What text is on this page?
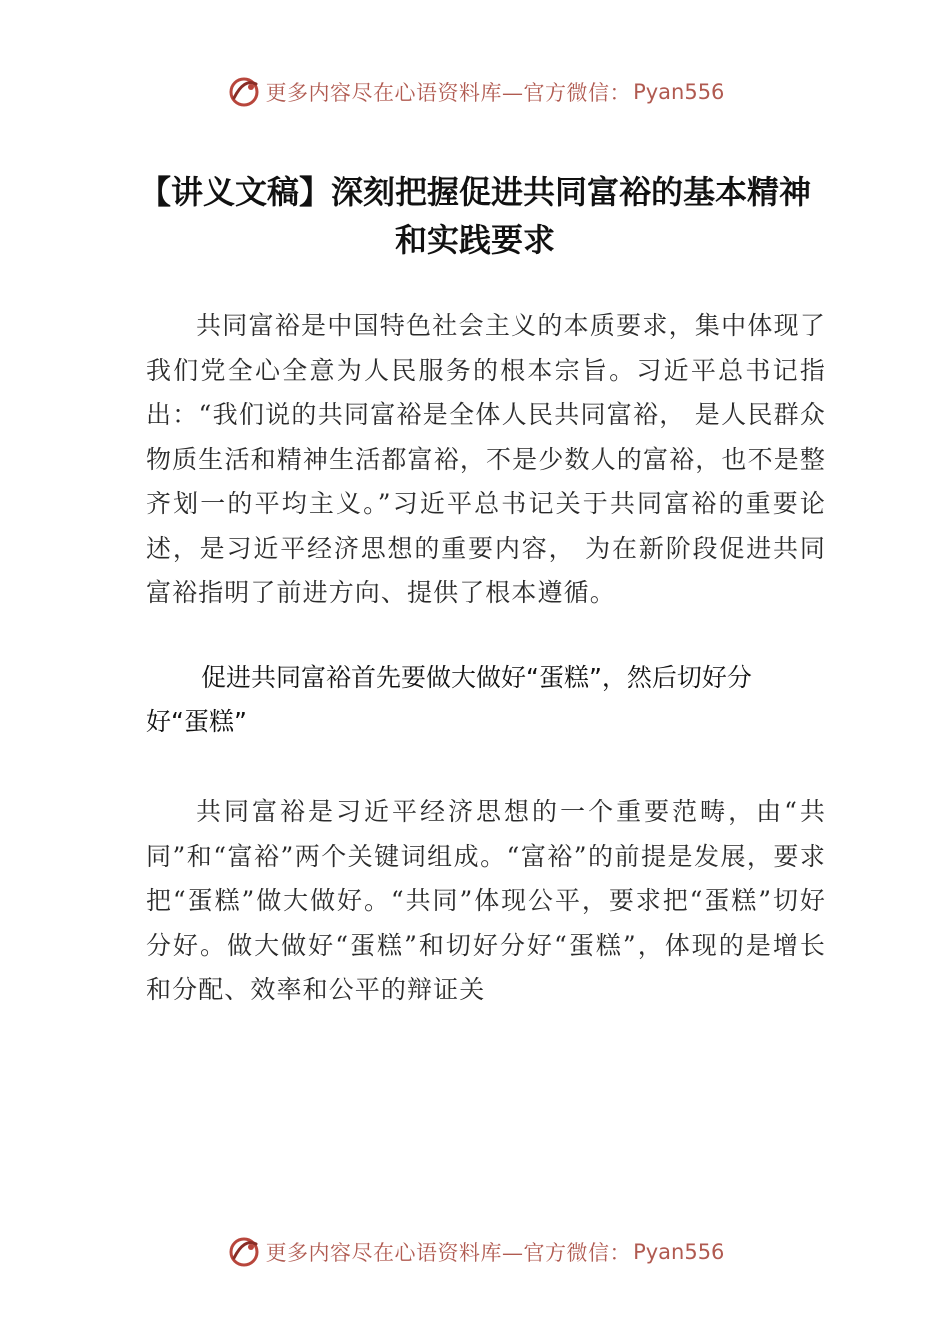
更多内容尽在心语资料库—官方微信： Pyan556
【讲义文稿】深刻把握促进共同富裕的基本精神和实践要求
共同富裕是中国特色社会主义的本质要求，集中体现了我们党全心全意为人民服务的根本宗旨。习近平总书记指出：“我们说的共同富裕是全体人民共同富裕， 是人民群众物质生活和精神生活都富裕，不是少数人的富裕，也不是整齐划一的平均主义。”习近平总书记关于共同富裕的重要论述，是习近平经济思想的重要内容， 为在新阶段促进共同富裕指明了前进方向、提供了根本遵循。
促进共同富裕首先要做大做好“蛋糕”，然后切好分好“蛋糕”
共同富裕是习近平经济思想的一个重要范畴，由“共同”和“富裕”两个关键词组成。“富裕”的前提是发展，要求把“蛋糕”做大做好。“共同”体现公平，要求把“蛋糕”切好分好。做大做好“蛋糕”和切好分好“蛋糕”，体现的是增长和分配、效率和公平的辩证关
更多内容尽在心语资料库—官方微信： Pyan556
